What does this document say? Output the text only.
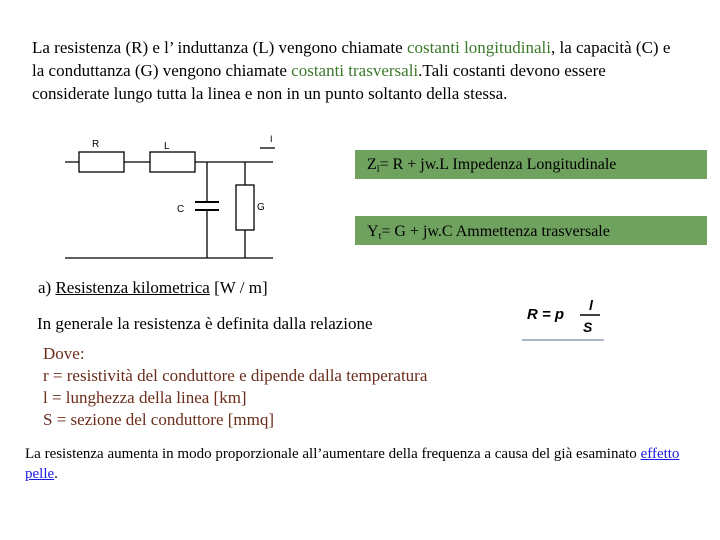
La resistenza (R) e l’ induttanza (L) vengono chiamate costanti longitudinali, la capacità (C) e la conduttanza (G) vengono chiamate costanti trasversali.Tali costanti devono essere considerate lungo tutta la linea e non in un punto soltanto della stessa.
R	L
C	G
I
$Z_l= R + jw.L$ Impedenza Longitudinale
$Y_t= G + jw.C$ Ammettenza trasversale
a) Resistenza kilometrica [W / m]
In generale la resistenza è definita dalla relazione	R = p
l
S
Dove:
r = resistività del conduttore e dipende dalla temperatura
l = lunghezza della linea [km]
S = sezione del conduttore [mmq]
La resistenza aumenta in modo proporzionale all’aumentare della frequenza a causa del già esaminato effetto pelle.
